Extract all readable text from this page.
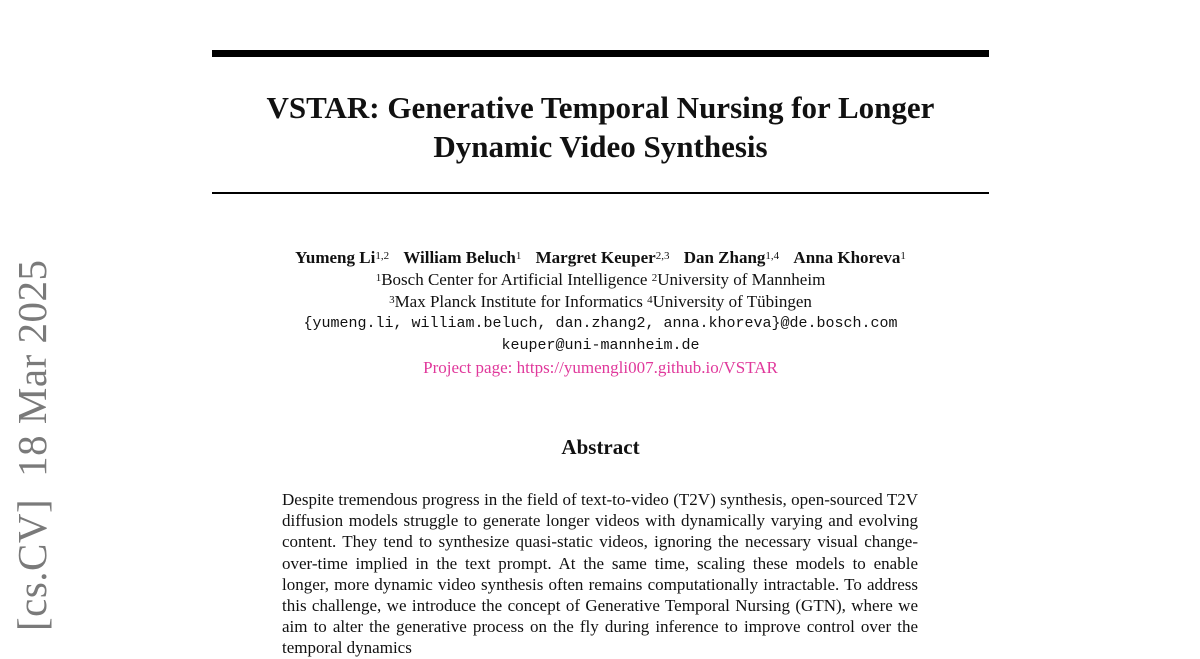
[cs.CV]18 Mar 2025
VSTAR: Generative Temporal Nursing for Longer
Dynamic Video Synthesis
Yumeng Li$^{1,2}$ William Beluch$^1$ Margret Keuper$^{2,3}$ Dan Zhang$^{1,4}$ Anna Khoreva$^1$
$^1$Bosch Center for Artificial Intelligence $^2$University of Mannheim
$^3$Max Planck Institute for Informatics $^4$University of Tübingen
{yumeng.li, william.beluch, dan.zhang2, anna.khoreva}@de.bosch.com
keuper@uni-mannheim.de
Project page: https://yumengli007.github.io/VSTAR
Abstract

Despite tremendous progress in the field of text-to-video (T2V) synthesis, open-sourced T2V diffusion models struggle to generate longer videos with dynamically varying and evolving content. They tend to synthesize quasi-static videos, ignoring the necessary visual change-over-time implied in the text prompt. At the same time, scaling these models to enable longer, more dynamic video synthesis often remains computationally intractable. To address this challenge, we introduce the concept of Generative Temporal Nursing (GTN), where we aim to alter the generative process on the fly during inference to improve control over the temporal dynamics
